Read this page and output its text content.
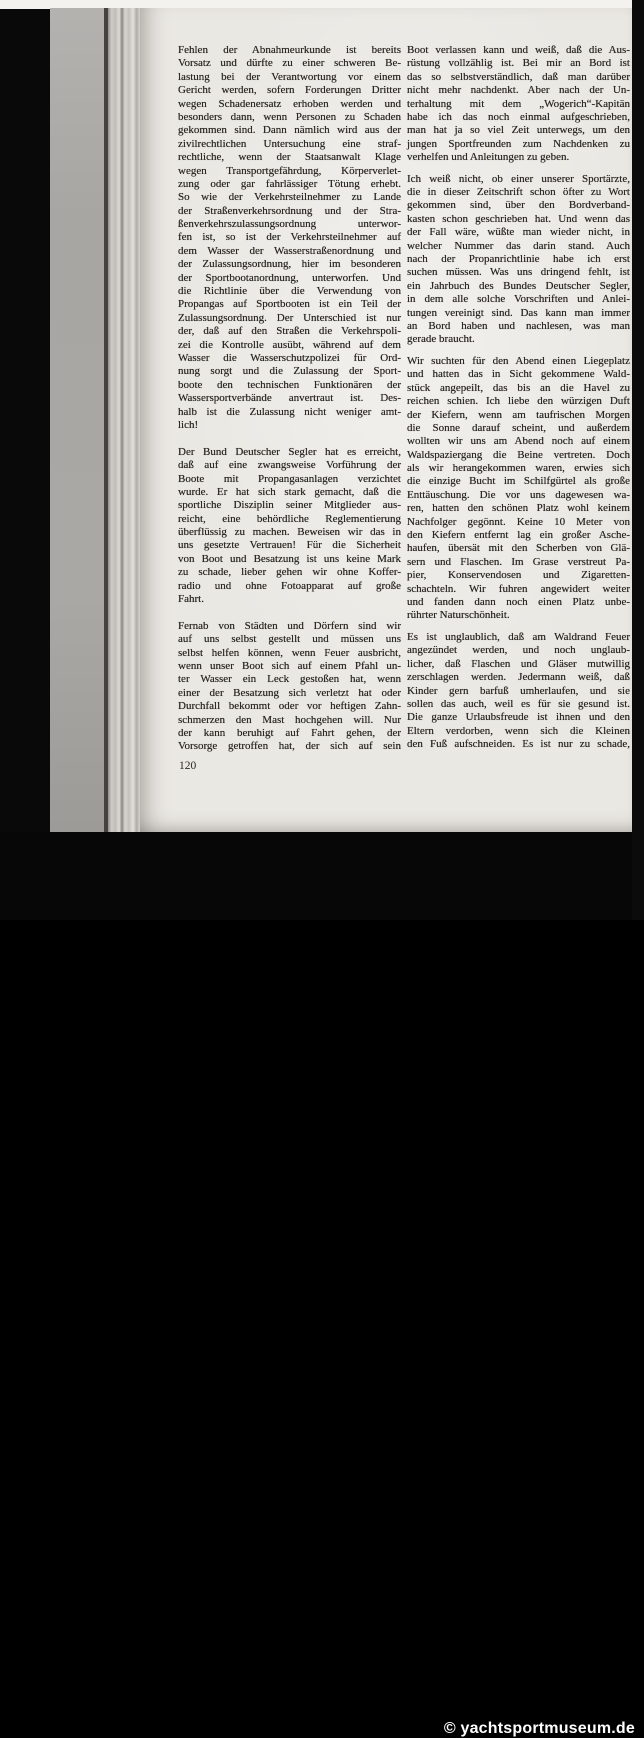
Fehlen der Abnahmeurkunde ist bereits
Vorsatz und dürfte zu einer schweren Be-
lastung bei der Verantwortung vor einem
Gericht werden, sofern Forderungen Dritter
wegen Schadenersatz erhoben werden und
besonders dann, wenn Personen zu Schaden
gekommen sind. Dann nämlich wird aus der
zivilrechtlichen Untersuchung eine straf-
rechtliche, wenn der Staatsanwalt Klage
wegen Transportgefährdung, Körperverlet-
zung oder gar fahrlässiger Tötung erhebt.
So wie der Verkehrsteilnehmer zu Lande
der Straßenverkehrsordnung und der Stra-
ßenverkehrszulassungsordnung unterwor-
fen ist, so ist der Verkehrsteilnehmer auf
dem Wasser der Wasserstraßenordnung und
der Zulassungsordnung, hier im besonderen
der Sportbootanordnung, unterworfen. Und
die Richtlinie über die Verwendung von
Propangas auf Sportbooten ist ein Teil der
Zulassungsordnung. Der Unterschied ist nur
der, daß auf den Straßen die Verkehrspoli-
zei die Kontrolle ausübt, während auf dem
Wasser die Wasserschutzpolizei für Ord-
nung sorgt und die Zulassung der Sport-
boote den technischen Funktionären der
Wassersportverbände anvertraut ist. Des-
halb ist die Zulassung nicht weniger amt-
lich!
Der Bund Deutscher Segler hat es erreicht,
daß auf eine zwangsweise Vorführung der
Boote mit Propangasanlagen verzichtet
wurde. Er hat sich stark gemacht, daß die
sportliche Disziplin seiner Mitglieder aus-
reicht, eine behördliche Reglementierung
überflüssig zu machen. Beweisen wir das in
uns gesetzte Vertrauen! Für die Sicherheit
von Boot und Besatzung ist uns keine Mark
zu schade, lieber gehen wir ohne Koffer-
radio und ohne Fotoapparat auf große
Fahrt.
Fernab von Städten und Dörfern sind wir
auf uns selbst gestellt und müssen uns
selbst helfen können, wenn Feuer ausbricht,
wenn unser Boot sich auf einem Pfahl un-
ter Wasser ein Leck gestoßen hat, wenn
einer der Besatzung sich verletzt hat oder
Durchfall bekommt oder vor heftigen Zahn-
schmerzen den Mast hochgehen will. Nur
der kann beruhigt auf Fahrt gehen, der
Vorsorge getroffen hat, der sich auf sein
Boot verlassen kann und weiß, daß die Aus-
rüstung vollzählig ist. Bei mir an Bord ist
das so selbstverständlich, daß man darüber
nicht mehr nachdenkt. Aber nach der Un-
terhaltung mit dem „Wogerich“-Kapitän
habe ich das noch einmal aufgeschrieben,
man hat ja so viel Zeit unterwegs, um den
jungen Sportfreunden zum Nachdenken zu
verhelfen und Anleitungen zu geben.
Ich weiß nicht, ob einer unserer Sportärzte,
die in dieser Zeitschrift schon öfter zu Wort
gekommen sind, über den Bordverband-
kasten schon geschrieben hat. Und wenn das
der Fall wäre, wüßte man wieder nicht, in
welcher Nummer das darin stand. Auch
nach der Propanrichtlinie habe ich erst
suchen müssen. Was uns dringend fehlt, ist
ein Jahrbuch des Bundes Deutscher Segler,
in dem alle solche Vorschriften und Anlei-
tungen vereinigt sind. Das kann man immer
an Bord haben und nachlesen, was man
gerade braucht.
Wir suchten für den Abend einen Liegeplatz
und hatten das in Sicht gekommene Wald-
stück angepeilt, das bis an die Havel zu
reichen schien. Ich liebe den würzigen Duft
der Kiefern, wenn am taufrischen Morgen
die Sonne darauf scheint, und außerdem
wollten wir uns am Abend noch auf einem
Waldspaziergang die Beine vertreten. Doch
als wir herangekommen waren, erwies sich
die einzige Bucht im Schilfgürtel als große
Enttäuschung. Die vor uns dagewesen wa-
ren, hatten den schönen Platz wohl keinem
Nachfolger gegönnt. Keine 10 Meter von
den Kiefern entfernt lag ein großer Asche-
haufen, übersät mit den Scherben von Glä-
sern und Flaschen. Im Grase verstreut Pa-
pier, Konservendosen und Zigaretten-
schachteln. Wir fuhren angewidert weiter
und fanden dann noch einen Platz unbe-
rührter Naturschönheit.
Es ist unglaublich, daß am Waldrand Feuer
angezündet werden, und noch unglaub-
licher, daß Flaschen und Gläser mutwillig
zerschlagen werden. Jedermann weiß, daß
Kinder gern barfuß umherlaufen, und sie
sollen das auch, weil es für sie gesund ist.
Die ganze Urlaubsfreude ist ihnen und den
Eltern verdorben, wenn sich die Kleinen
den Fuß aufschneiden. Es ist nur zu schade,
120
© yachtsportmuseum.de
